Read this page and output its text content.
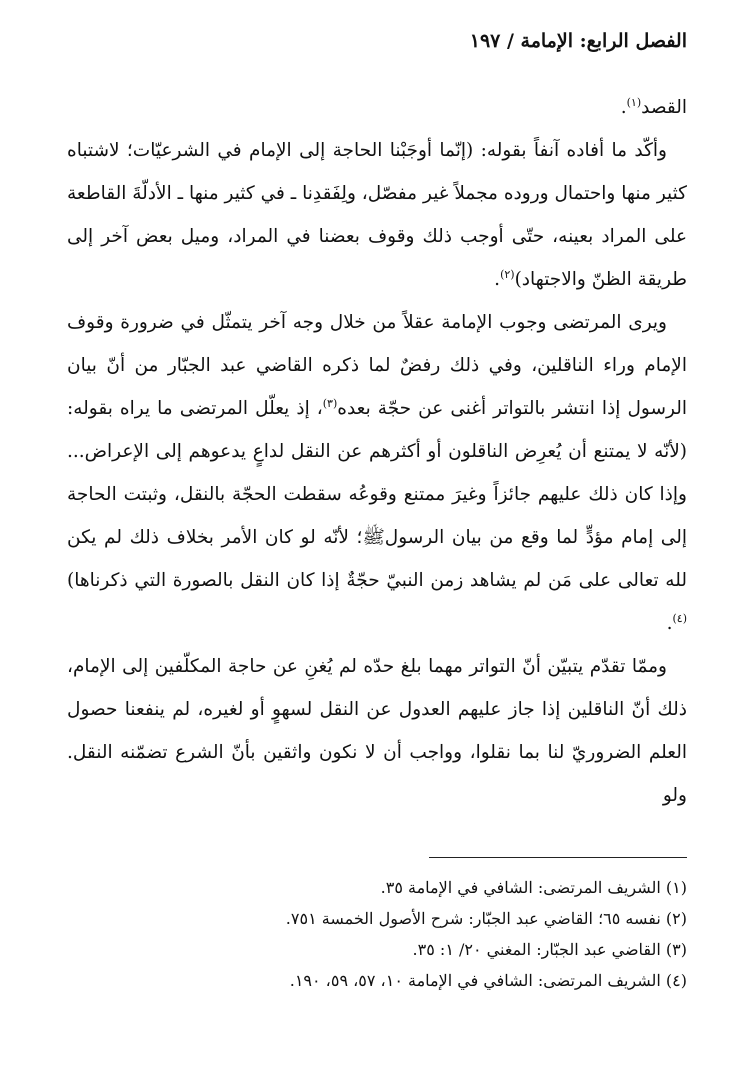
الفصل الرابع: الإمامة / ١٩٧

القصد$^{(١)}$.

وأكّد ما أفاده آنفاً بقوله: (إنّما أوجَبْنا الحاجة إلى الإمام في الشرعيّات؛ لاشتباه كثير منها واحتمال وروده مجملاً غير مفصّل، ولِفَقدِنا ـ في كثير منها ـ الأدلّةَ القاطعة على المراد بعينه، حتّى أوجب ذلك وقوف بعضنا في المراد، وميل بعض آخر إلى طريقة الظنّ والاجتهاد)$^{(٢)}$.

ويرى المرتضى وجوب الإمامة عقلاً من خلال وجه آخر يتمثّل في ضرورة وقوف الإمام وراء الناقلين، وفي ذلك رفضٌ لما ذكره القاضي عبد الجبّار من أنّ بيان الرسول إذا انتشر بالتواتر أغنى عن حجّة بعده$^{(٣)}$، إذ يعلّل المرتضى ما يراه بقوله: (لأنّه لا يمتنع أن يُعرِض الناقلون أو أكثرهم عن النقل لداعٍ يدعوهم إلى الإعراض... وإذا كان ذلك عليهم جائزاً وغيرَ ممتنع وقوعُه سقطت الحجّة بالنقل، وثبتت الحاجة إلى إمام مؤدٍّ لما وقع من بيان الرسولﷺ؛ لأنّه لو كان الأمر بخلاف ذلك لم يكن لله تعالى على مَن لم يشاهد زمن النبيّ حجّةٌ إذا كان النقل بالصورة التي ذكرناها)$^{(٤)}$.

وممّا تقدّم يتبيّن أنّ التواتر مهما بلغ حدّه لم يُغنِ عن حاجة المكلّفين إلى الإمام، ذلك أنّ الناقلين إذا جاز عليهم العدول عن النقل لسهوٍ أو لغيره، لم ينفعنا حصول العلم الضروريّ لنا بما نقلوا، وواجب أن لا نكون واثقين بأنّ الشرع تضمّنه النقل. ولو

(١) الشريف المرتضى: الشافي في الإمامة ٣٥.
(٢) نفسه ٦٥؛ القاضي عبد الجبّار: شرح الأصول الخمسة ٧٥١.
(٣) القاضي عبد الجبّار: المغني ٢٠/ ١: ٣٥.
(٤) الشريف المرتضى: الشافي في الإمامة ١٠، ٥٧، ٥٩، ١٩٠.
